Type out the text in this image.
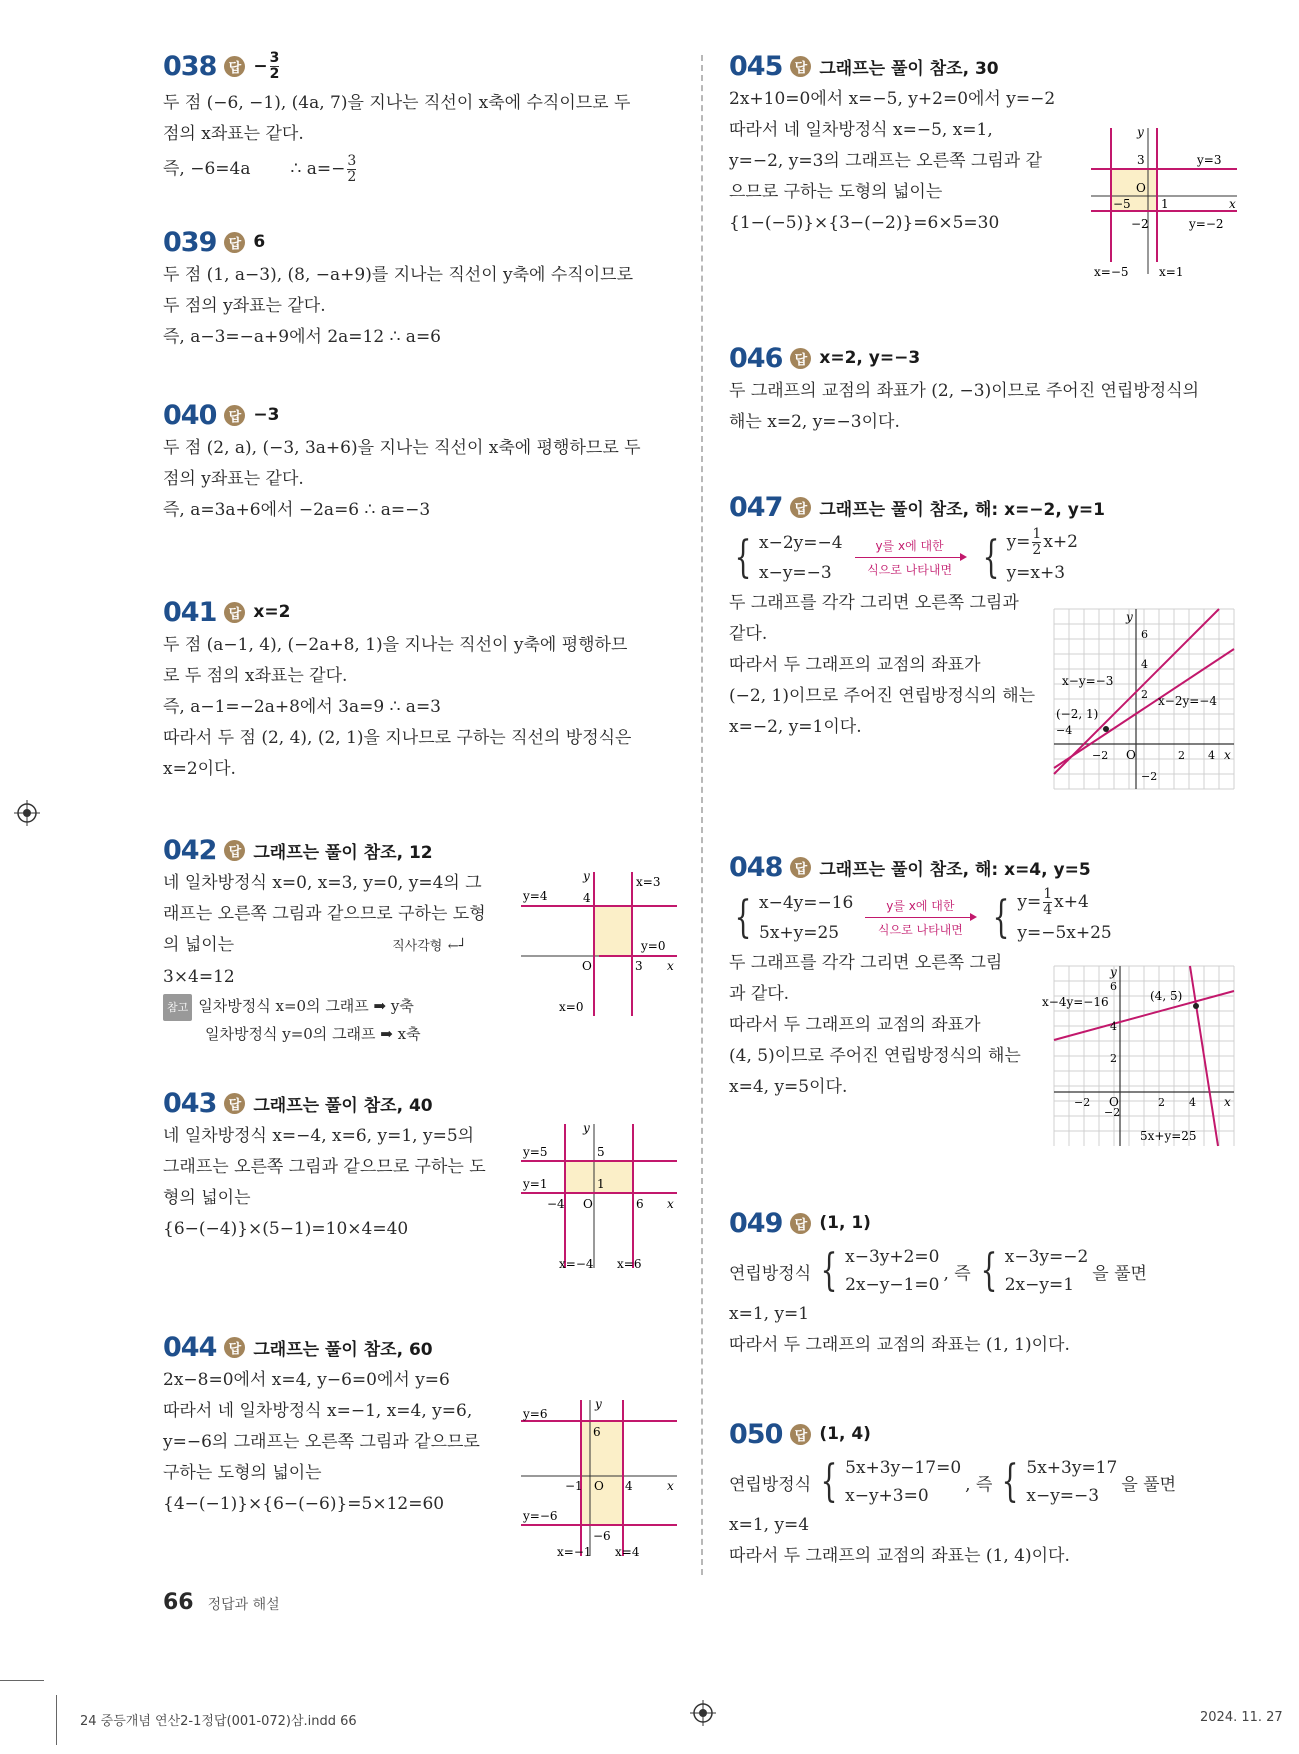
038 답 − $\frac{3}{2}$
두 점 (−6, −1), (4a, 7)을 지나는 직선이 x축에 수직이므로 두
점의 x좌표는 같다.
즉, −6=4a ∴ $a=- \frac{3}{2}$
039 답 6
두 점 (1, a−3), (8, −a+9)를 지나는 직선이 y축에 수직이므로
두 점의 y좌표는 같다.
즉, a−3=−a+9에서 2a=12 ∴ a=6
040 답 −3
두 점 (2, a), (−3, 3a+6)을 지나는 직선이 x축에 평행하므로 두
점의 y좌표는 같다.
즉, a=3a+6에서 −2a=6 ∴ a=−3
041 답 x=2
두 점 (a−1, 4), (−2a+8, 1)을 지나는 직선이 y축에 평행하므
로 두 점의 x좌표는 같다.
즉, a−1=−2a+8에서 3a=9 ∴ a=3
따라서 두 점 (2, 4), (2, 1)을 지나므로 구하는 직선의 방정식은
x=2이다.
042 답 그래프는 풀이 참조, 12
네 일차방정식 x=0, x=3, y=0, y=4의 그
래프는 오른쪽 그림과 같으므로 구하는 도형
의 넓이는	직사각형 ←┘
3×4=12
참고 일차방정식 x=0의 그래프 ➡ y축
일차방정식 y=0의 그래프 ➡ x축
y=4
x=3
y=0
x=0
4
3
O	x
y
043 답 그래프는 풀이 참조, 40
네 일차방정식 x=−4, x=6, y=1, y=5의
그래프는 오른쪽 그림과 같으므로 구하는 도
형의 넓이는
{6−(−4)}×(5−1)=10×4=40
y=5
y=1
x=−4 x=6
5
1
−4	6
O	x
y
044 답 그래프는 풀이 참조, 60
2x−8=0에서 x=4, y−6=0에서 y=6
따라서 네 일차방정식 x=−1, x=4, y=6,
y=−6의 그래프는 오른쪽 그림과 같으므로
구하는 도형의 넓이는
{4−(−1)}×{6−(−6)}=5×12=60
y=6
y=−6
x=−1 x=4
6
−6
−1	4
O	x
y
045 답 그래프는 풀이 참조, 30
2x+10=0에서 x=−5, y+2=0에서 y=−2
따라서 네 일차방정식 x=−5, x=1,
y=−2, y=3의 그래프는 오른쪽 그림과 같
으므로 구하는 도형의 넓이는
{1−(−5)}×{3−(−2)}=6×5=30
y=3
y=−2
x=−5	x=1
3
−2
−5	1
O
x
y
046 답 x=2, y=−3
두 그래프의 교점의 좌표가 (2, −3)이므로 주어진 연립방정식의
해는 x=2, y=−3이다.
047 답 그래프는 풀이 참조, 해: x=−2, y=1
{ x−2y=−4
x−y=−3
y를 x에 대한
식으로 나타내면 { $y= \frac{1}{2} x+2$
y=x+3
두 그래프를 각각 그리면 오른쪽 그림과
같다.
따라서 두 그래프의 교점의 좌표가
(−2, 1)이므로 주어진 연립방정식의 해는
x=−2, y=1이다.
x−y=−3
x−2y=−4
(−2, 1)
6
4
2
−2
−4
−2	2 4
O	x
y
048 답 그래프는 풀이 참조, 해: x=4, y=5
{ x−4y=−16
5x+y=25
y를 x에 대한
식으로 나타내면 { $y= \frac{1}{4} x+4$
y=−5x+25
두 그래프를 각각 그리면 오른쪽 그림
과 같다.
따라서 두 그래프의 교점의 좌표가
(4, 5)이므로 주어진 연립방정식의 해는
x=4, y=5이다.
x−4y=−16
5x+y=25
(4, 5)
6
4
2
−2
−2	2 4
O	x
y
049 답 (1, 1)
연립방정식 { x−3y+2=0
2x−y−1=0
, 즉 { x−3y=−2
2x−y=1
을 풀면
x=1, y=1
따라서 두 그래프의 교점의 좌표는 (1, 1)이다.
050 답 (1, 4)
연립방정식 { 5x+3y−17=0
x−y+3=0
, 즉 { 5x+3y=17
x−y=−3
을 풀면
x=1, y=4
따라서 두 그래프의 교점의 좌표는 (1, 4)이다.
66 정답과 해설
24 중등개념 연산2-1정답(001-072)삼.indd 66	2024. 11. 27
